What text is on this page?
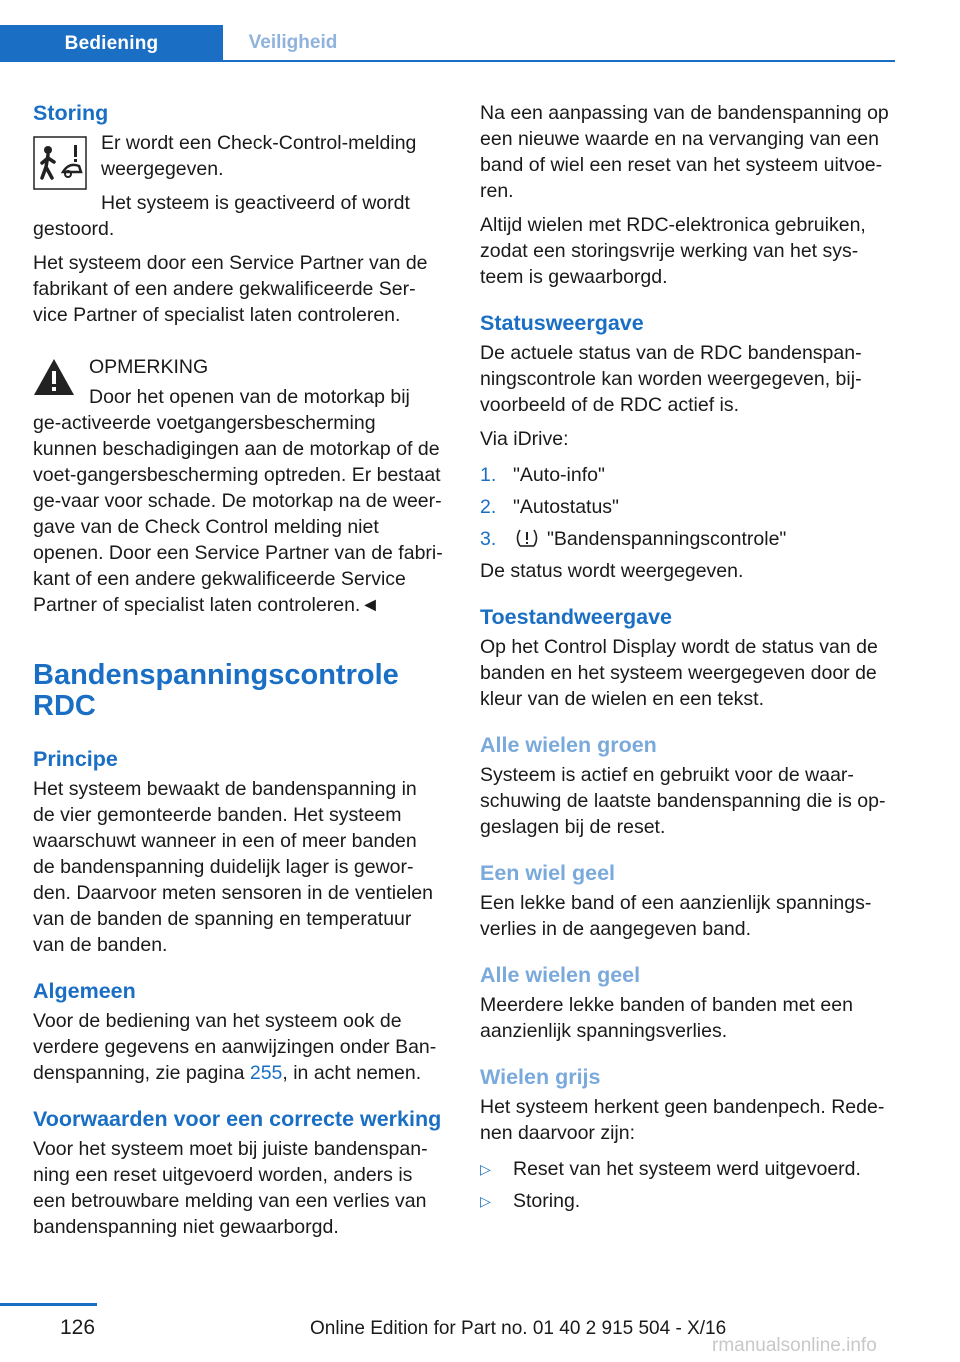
Bediening	Veiligheid
Storing

Er wordt een Check-Control-melding weergegeven.

Het systeem is geactiveerd of wordt gestoord.

Het systeem door een Service Partner van de fabrikant of een andere gekwalificeerde Ser‐vice Partner of specialist laten controleren.

OPMERKING

Door het openen van de motorkap bij ge‐activeerde voetgangersbescherming kunnen beschadigingen aan de motorkap of de voet‐gangersbescherming optreden. Er bestaat ge‐vaar voor schade. De motorkap na de weer‐gave van de Check Control melding niet openen. Door een Service Partner van de fabri‐kant of een andere gekwalificeerde Service Partner of specialist laten controleren.◄

Bandenspanningscontrole RDC
Principe

Het systeem bewaakt de bandenspanning in de vier gemonteerde banden. Het systeem waarschuwt wanneer in een of meer banden de bandenspanning duidelijk lager is gewor‐den. Daarvoor meten sensoren in de ventielen van de banden de spanning en temperatuur van de banden.

Algemeen

Voor de bediening van het systeem ook de verdere gegevens en aanwijzingen onder Ban‐denspanning, zie pagina 255, in acht nemen.

Voorwaarden voor een correcte werking

Voor het systeem moet bij juiste bandenspan‐ning een reset uitgevoerd worden, anders is een betrouwbare melding van een verlies van bandenspanning niet gewaarborgd.

Na een aanpassing van de bandenspanning op een nieuwe waarde en na vervanging van een band of wiel een reset van het systeem uitvoe‐ren.

Altijd wielen met RDC-elektronica gebruiken, zodat een storingsvrije werking van het sys‐teem is gewaarborgd.

Statusweergave

De actuele status van de RDC bandenspan‐ningscontrole kan worden weergegeven, bij‐voorbeeld of de RDC actief is.

Via iDrive:

1. "Auto-info"
2. "Autostatus"
3.	"Bandenspanningscontrole"

De status wordt weergegeven.

Toestandweergave

Op het Control Display wordt de status van de banden en het systeem weergegeven door de kleur van de wielen en een tekst.

Alle wielen groen

Systeem is actief en gebruikt voor de waar‐schuwing de laatste bandenspanning die is op‐geslagen bij de reset.

Een wiel geel

Een lekke band of een aanzienlijk spannings‐verlies in de aangegeven band.

Alle wielen geel

Meerdere lekke banden of banden met een aanzienlijk spanningsverlies.

Wielen grijs

Het systeem herkent geen bandenpech. Rede‐nen daarvoor zijn:

▷	Reset van het systeem werd uitgevoerd.
▷	Storing.
126	Online Edition for Part no. 01 40 2 915 504 - X/16
rmanualsonline.info
